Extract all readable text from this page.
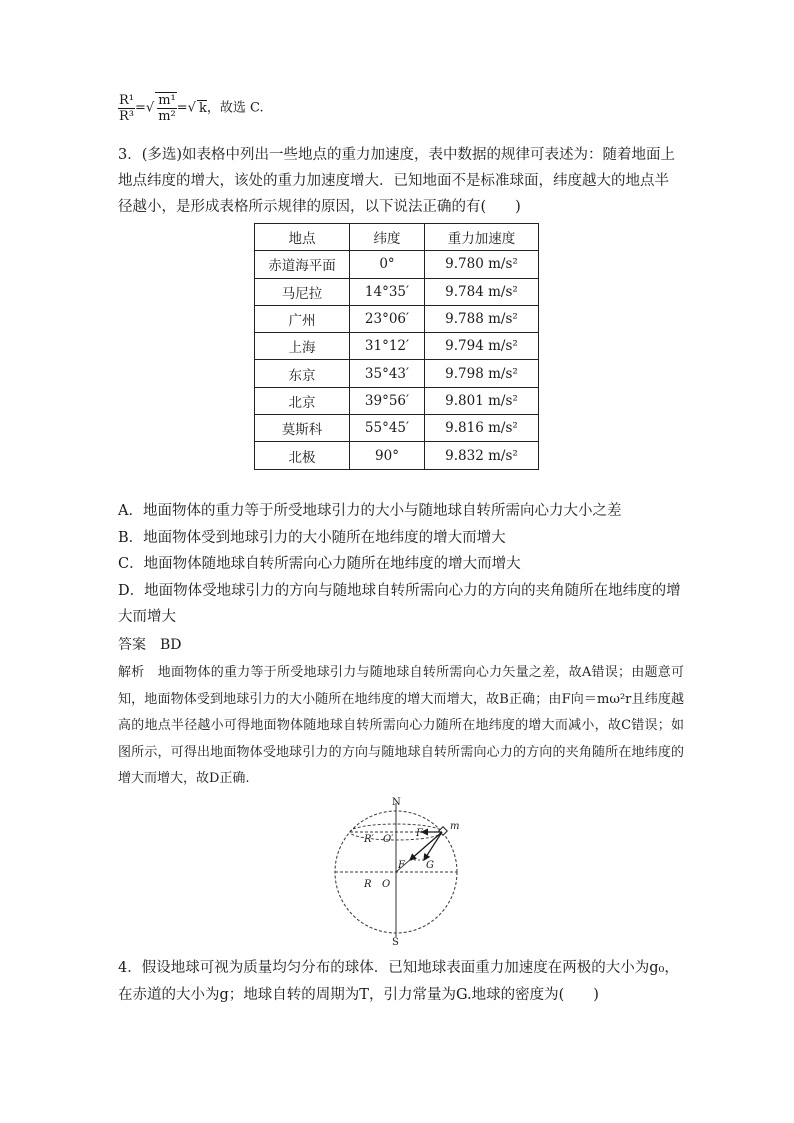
$\frac{\text{R¹}}{\text{R³}}$ =√ $\frac{\text{m¹}}{\text{m²}}$ =√ k，故选 C.
3．(多选)如表格中列出一些地点的重力加速度，表中数据的规律可表述为：随着地面上地点纬度的增大，该处的重力加速度增大．已知地面不是标准球面，纬度越大的地点半径越小，是形成表格所示规律的原因，以下说法正确的有(　　)
地点	纬度	重力加速度
赤道海平面	0°	9.780 m/s²
马尼拉	14°35′	9.784 m/s²
广州	23°06′	9.788 m/s²
上海	31°12′	9.794 m/s²
东京	35°43′	9.798 m/s²
北京	39°56′	9.801 m/s²
莫斯科	55°45′	9.816 m/s²
北极	90°	9.832 m/s²
A．地面物体的重力等于所受地球引力的大小与随地球自转所需向心力大小之差
B．地面物体受到地球引力的大小随所在地纬度的增大而增大
C．地面物体随地球自转所需向心力随所在地纬度的增大而增大
D．地面物体受地球引力的方向与随地球自转所需向心力的方向的夹角随所在地纬度的增大而增大
答案 BD
解析　 地面物体的重力等于所受地球引力与随地球自转所需向心力矢量之差，故A错误；由题意可知，地面物体受到地球引力的大小随所在地纬度的增大而增大，故B正确；由F向＝mω²r且纬度越高的地点半径越小可得地面物体随地球自转所需向心力随所在地纬度的增大而减小，故C错误；如图所示，可得出地面物体受地球引力的方向与随地球自转所需向心力的方向的夹角随所在地纬度的增大而增大，故D正确.
N
S
R′ O′
R O
F
F G
m
4．假设地球可视为质量均匀分布的球体．已知地球表面重力加速度在两极的大小为g₀，在赤道的大小为g；地球自转的周期为T，引力常量为G.地球的密度为(　　)
